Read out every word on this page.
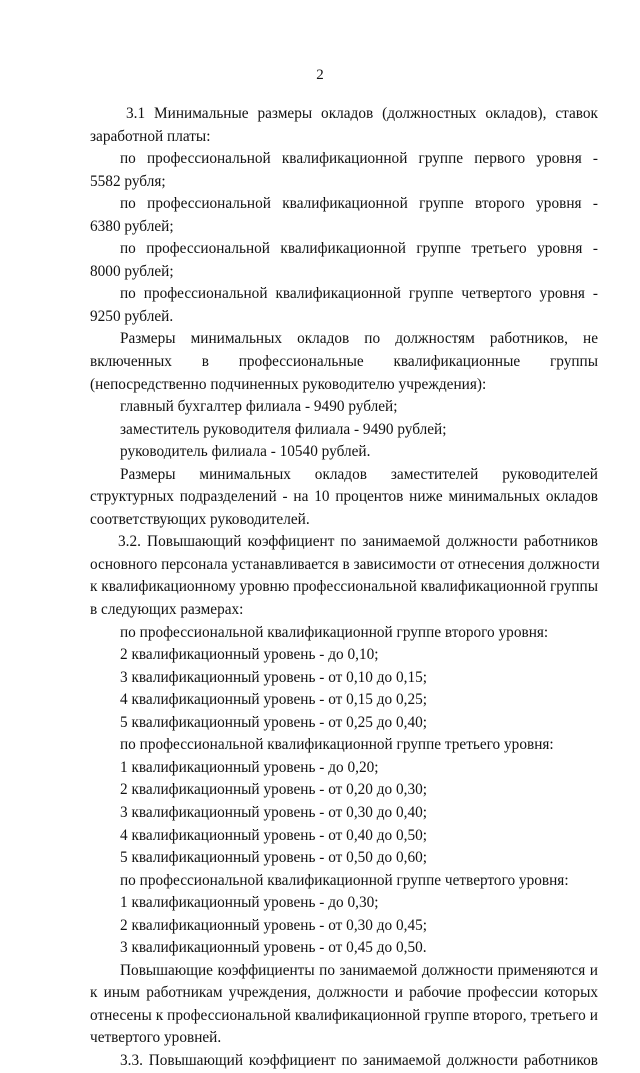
2
3.1 Минимальные размеры окладов (должностных окладов), ставок
заработной платы:
по профессиональной квалификационной группе первого уровня -
5582 рубля;
по профессиональной квалификационной группе второго уровня -
6380 рублей;
по профессиональной квалификационной группе третьего уровня -
8000 рублей;
по профессиональной квалификационной группе четвертого уровня -
9250 рублей.
Размеры минимальных окладов по должностям работников, не
включенных в профессиональные квалификационные группы
(непосредственно подчиненных руководителю учреждения):
главный бухгалтер филиала - 9490 рублей;
заместитель руководителя филиала - 9490 рублей;
руководитель филиала - 10540 рублей.
Размеры минимальных окладов заместителей руководителей
структурных подразделений - на 10 процентов ниже минимальных окладов
соответствующих руководителей.
3.2. Повышающий коэффициент по занимаемой должности работников
основного персонала устанавливается в зависимости от отнесения должности
к квалификационному уровню профессиональной квалификационной группы
в следующих размерах:
по профессиональной квалификационной группе второго уровня:
2 квалификационный уровень - до 0,10;
3 квалификационный уровень - от 0,10 до 0,15;
4 квалификационный уровень - от 0,15 до 0,25;
5 квалификационный уровень - от 0,25 до 0,40;
по профессиональной квалификационной группе третьего уровня:
1 квалификационный уровень - до 0,20;
2 квалификационный уровень - от 0,20 до 0,30;
3 квалификационный уровень - от 0,30 до 0,40;
4 квалификационный уровень - от 0,40 до 0,50;
5 квалификационный уровень - от 0,50 до 0,60;
по профессиональной квалификационной группе четвертого уровня:
1 квалификационный уровень - до 0,30;
2 квалификационный уровень - от 0,30 до 0,45;
3 квалификационный уровень - от 0,45 до 0,50.
Повышающие коэффициенты по занимаемой должности применяются и
к иным работникам учреждения, должности и рабочие профессии которых
отнесены к профессиональной квалификационной группе второго, третьего и
четвертого уровней.
3.3. Повышающий коэффициент по занимаемой должности работников
